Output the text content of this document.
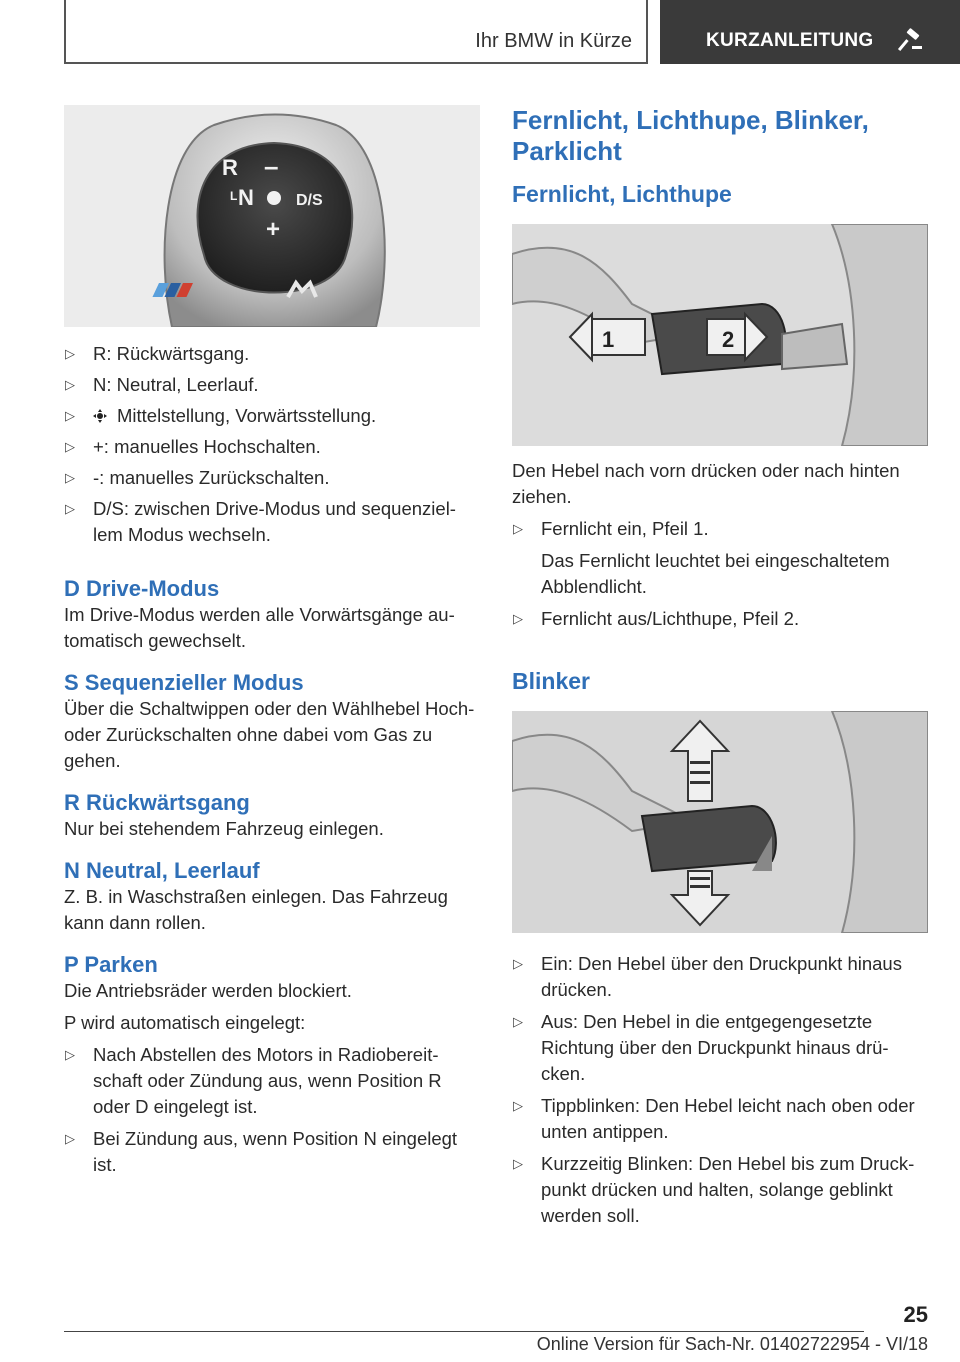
Ihr BMW in Kürze	KURZANLEITUNG
R –
L N	D/S
+
▷ R: Rückwärtsgang.
▷ N: Neutral, Leerlauf.
▷ Mittelstellung, Vorwärtsstellung.
▷ +: manuelles Hochschalten.
▷ -: manuelles Zurückschalten.
▷ D/S: zwischen Drive-Modus und sequenziel-lem Modus wechseln.
D Drive-Modus

Im Drive-Modus werden alle Vorwärtsgänge au-tomatisch gewechselt.

S Sequenzieller Modus

Über die Schaltwippen oder den Wählhebel Hoch- oder Zurückschalten ohne dabei vom Gas zu gehen.

R Rückwärtsgang

Nur bei stehendem Fahrzeug einlegen.

N Neutral, Leerlauf

Z. B. in Waschstraßen einlegen. Das Fahrzeug kann dann rollen.

P Parken

Die Antriebsräder werden blockiert.

P wird automatisch eingelegt:

▷ Nach Abstellen des Motors in Radiobereit-schaft oder Zündung aus, wenn Position R oder D eingelegt ist.
▷ Bei Zündung aus, wenn Position N eingelegt ist.
Fernlicht, Lichthupe, Blinker, Parklicht
Fernlicht, Lichthupe
1	2

Den Hebel nach vorn drücken oder nach hinten ziehen.

▷ Fernlicht ein, Pfeil 1.
Das Fernlicht leuchtet bei eingeschaltetem Abblendlicht.
▷ Fernlicht aus/Lichthupe, Pfeil 2.
Blinker
▷ Ein: Den Hebel über den Druckpunkt hinaus drücken.
▷ Aus: Den Hebel in die entgegengesetzte Richtung über den Druckpunkt hinaus drü-cken.
▷ Tippblinken: Den Hebel leicht nach oben oder unten antippen.
▷ Kurzzeitig Blinken: Den Hebel bis zum Druck-punkt drücken und halten, solange geblinkt werden soll.
25
Online Version für Sach-Nr. 01402722954 - VI/18
